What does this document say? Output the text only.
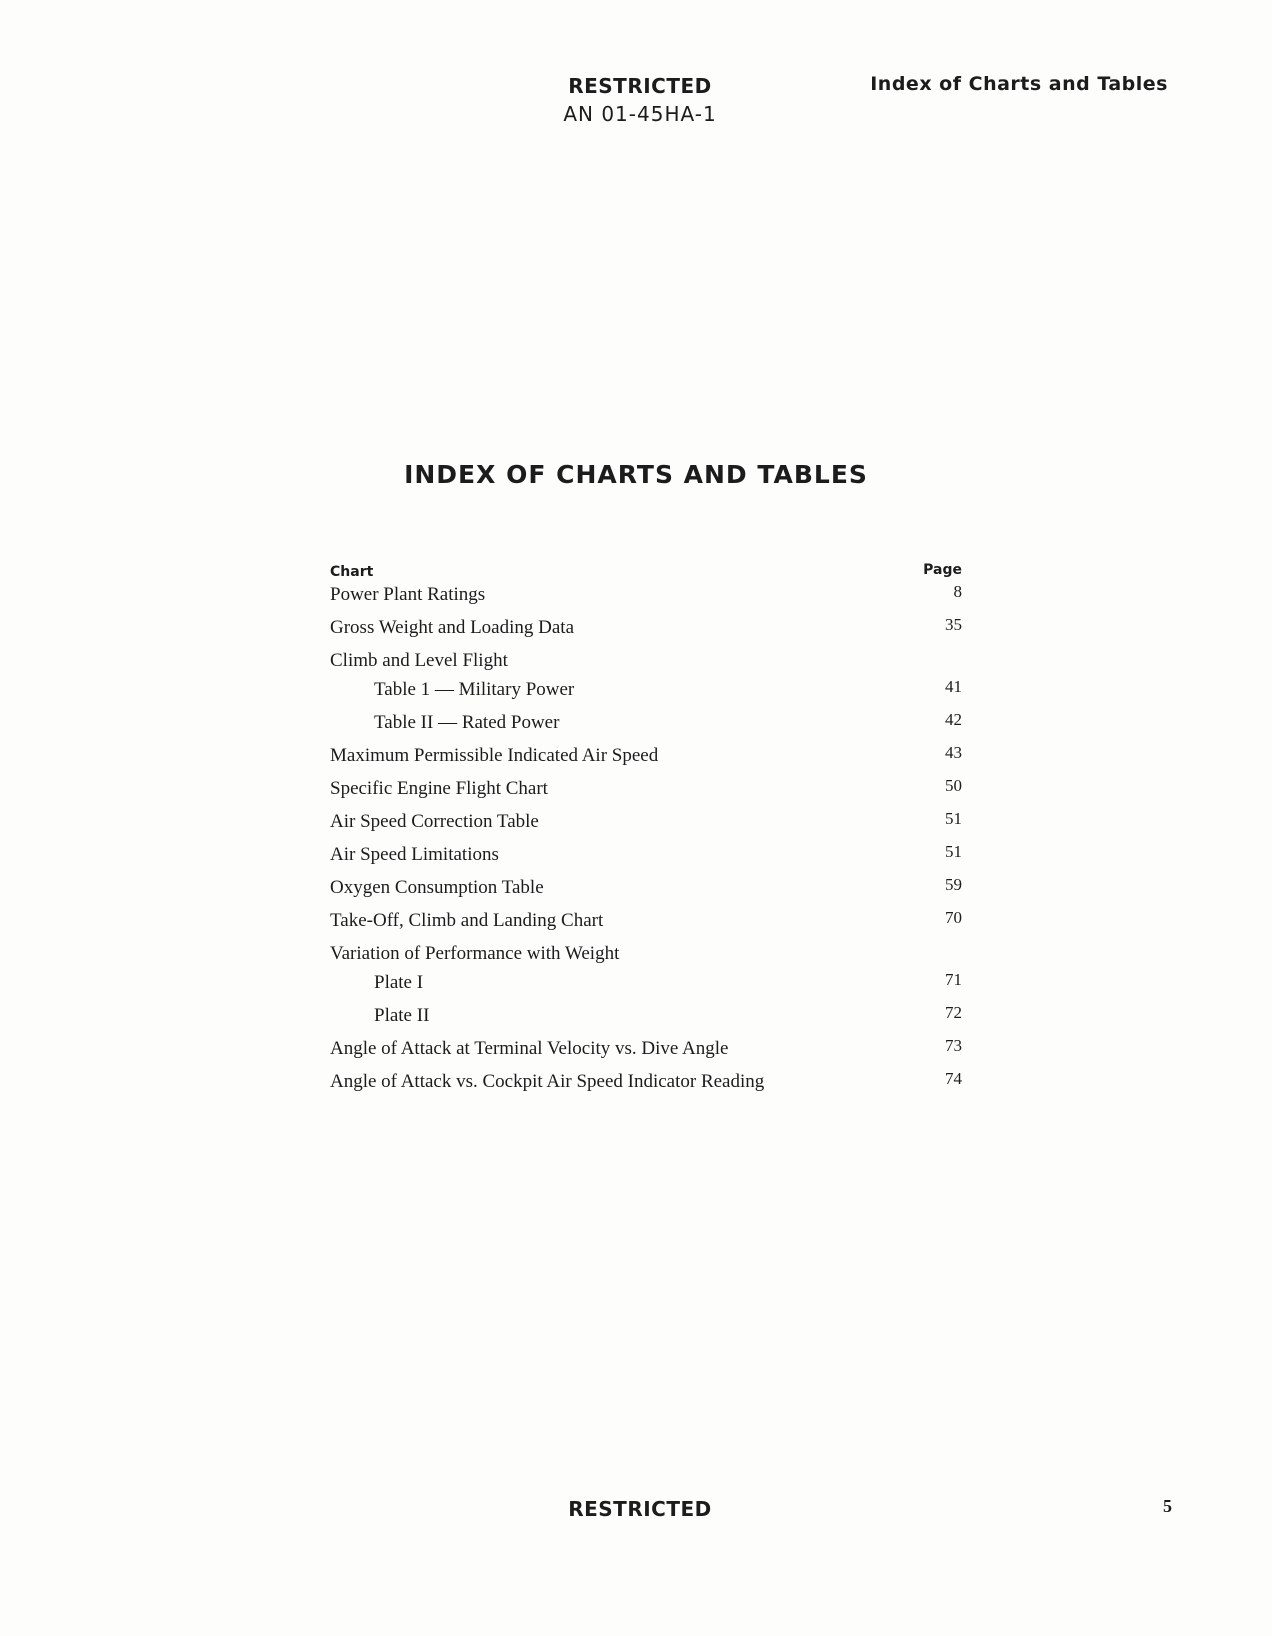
RESTRICTED
AN 01-45HA-1
Index of Charts and Tables
INDEX OF CHARTS AND TABLES
Chart	Page
Power Plant Ratings	8
Gross Weight and Loading Data	35
Climb and Level Flight
Table 1 — Military Power	41
Table II — Rated Power	42
Maximum Permissible Indicated Air Speed	43
Specific Engine Flight Chart	50
Air Speed Correction Table	51
Air Speed Limitations	51
Oxygen Consumption Table	59
Take-Off, Climb and Landing Chart	70
Variation of Performance with Weight
Plate I	71
Plate II	72
Angle of Attack at Terminal Velocity vs. Dive Angle	73
Angle of Attack vs. Cockpit Air Speed Indicator Reading	74
RESTRICTED	5
